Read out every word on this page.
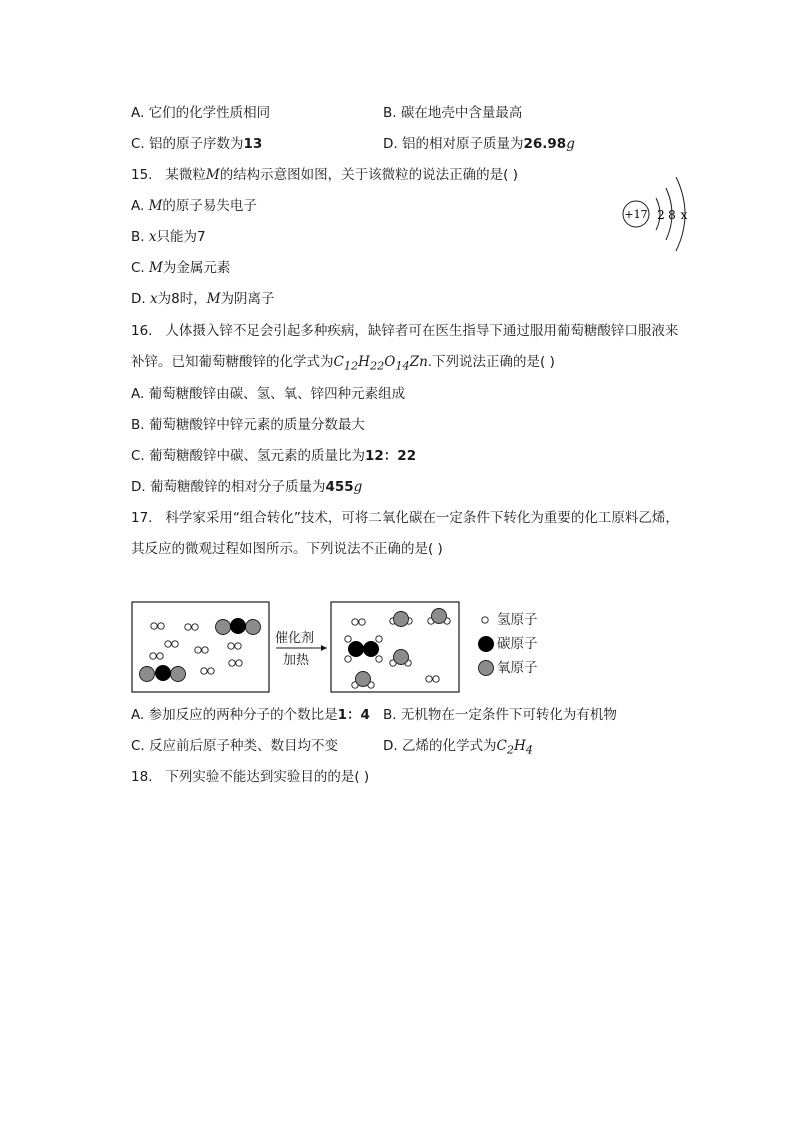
A. 它们的化学性质相同	B. 碳在地壳中含量最高
C. 铝的原子序数为13	D. 铝的相对原子质量为26.98g
15. 某微粒M的结构示意图如图，关于该微粒的说法正确的是( )
A. M的原子易失电子
B. x只能为7
C. M为金属元素
D. x为8时，M为阴离子
+17 2 8 x
16. 人体摄入锌不足会引起多种疾病，缺锌者可在医生指导下通过服用葡萄糖酸锌口服液来
补锌。已知葡萄糖酸锌的化学式为$C_{12}H_{22}O_{14}Zn$.下列说法正确的是( )
A. 葡萄糖酸锌由碳、氢、氧、锌四种元素组成
B. 葡萄糖酸锌中锌元素的质量分数最大
C. 葡萄糖酸锌中碳、氢元素的质量比为12：22
D. 葡萄糖酸锌的相对分子质量为455g
17. 科学家采用“组合转化”技术，可将二氧化碳在一定条件下转化为重要的化工原料乙烯，
其反应的微观过程如图所示。下列说法不正确的是( )
催化剂
加热
氢原子
碳原子
氧原子
A. 参加反应的两种分子的个数比是1：4 B. 无机物在一定条件下可转化为有机物
C. 反应前后原子种类、数目均不变	D. 乙烯的化学式为$C_2H_4$
18. 下列实验不能达到实验目的的是( )
